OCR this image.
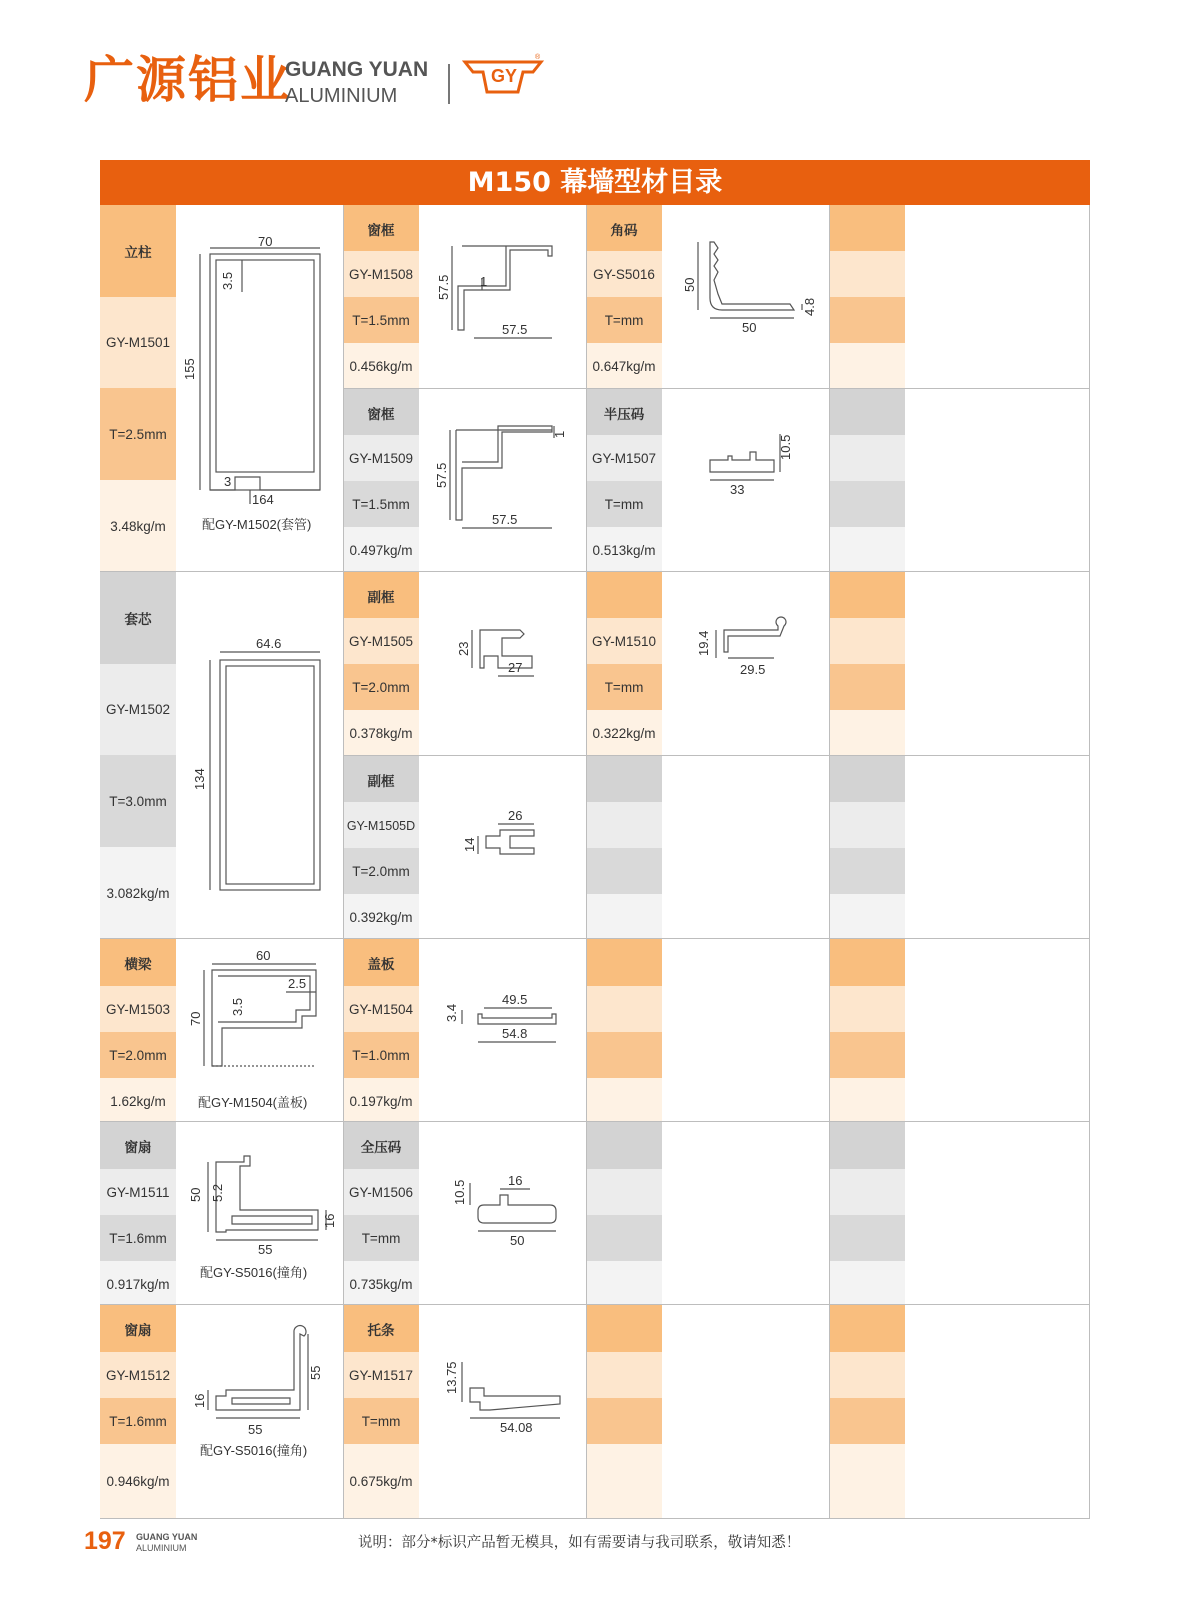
广源铝业
GUANG YUAN
ALUMINIUM
GY
®
M150 幕墙型材目录
立柱
GY-M1501
T=2.5mm
3.48kg/m
套芯
GY-M1502
T=3.0mm
3.082kg/m
横梁
GY-M1503
T=2.0mm
1.62kg/m
窗扇
GY-M1511
T=1.6mm
0.917kg/m
窗扇
GY-M1512
T=1.6mm
0.946kg/m
窗框
GY-M1508
T=1.5mm
0.456kg/m
窗框
GY-M1509
T=1.5mm
0.497kg/m
副框
GY-M1505
T=2.0mm
0.378kg/m
副框
GY-M1505D
T=2.0mm
0.392kg/m
盖板
GY-M1504
T=1.0mm
0.197kg/m
全压码
GY-M1506
T=mm
0.735kg/m
托条
GY-M1517
T=mm
0.675kg/m
角码
GY-S5016
T=mm
0.647kg/m
半压码
GY-M1507
T=mm
0.513kg/m
GY-M1510
T=mm
0.322kg/m
70
3.5
155
3
164
配GY-M1502(套管)
64.6
134
60
2.5
3.5
70
配GY-M1504(盖板)
50 5.2
55
16
配GY-S5016(撞角)
55
16
55
配GY-S5016(撞角)
57.5 1
57.5
1
57.5
57.5
23
27
26
14
49.5
3.4
54.8
16
10.5
50
13.75
54.08
50
4.8
50
10.5
33
19.4
29.5
197 GUANG YUAN
ALUMINIUM	说明：部分*标识产品暂无模具，如有需要请与我司联系，敬请知悉！
